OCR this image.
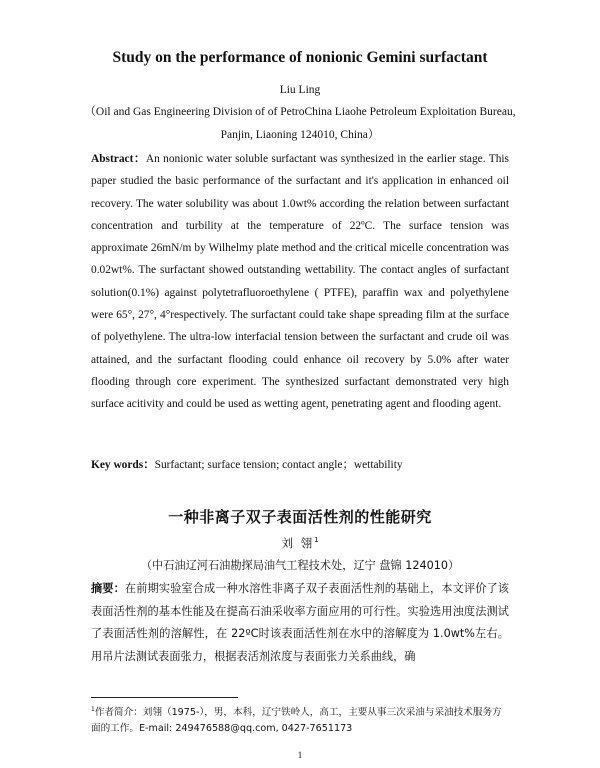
Study on the performance of nonionic Gemini surfactant
Liu Ling
（Oil and Gas Engineering Division of of PetroChina Liaohe Petroleum Exploitation Bureau, Panjin, Liaoning 124010, China）
Abstract：An nonionic water soluble surfactant was synthesized in the earlier stage. This paper studied the basic performance of the surfactant and it's application in enhanced oil recovery. The water solubility was about 1.0wt% according the relation between surfactant concentration and turbility at the temperature of 22ºC. The surface tension was approximate 26mN/m by Wilhelmy plate method and the critical micelle concentration was 0.02wt%. The surfactant showed outstanding wettability. The contact angles of surfactant solution(0.1%) against polytetrafluoroethylene ( PTFE), paraffin wax and polyethylene were 65°, 27°, 4°respectively. The surfactant could take shape spreading film at the surface of polyethylene. The ultra-low interfacial tension between the surfactant and crude oil was attained, and the surfactant flooding could enhance oil recovery by 5.0% after water flooding through core experiment. The synthesized surfactant demonstrated very high surface acitivity and could be used as wetting agent, penetrating agent and flooding agent.
Key words：Surfactant; surface tension; contact angle；wettability
一种非离子双子表面活性剂的性能研究
刘 翎$^1$
（中石油辽河石油勘探局油气工程技术处，辽宁 盘锦 124010）
摘要：在前期实验室合成一种水溶性非离子双子表面活性剂的基础上，本文评价了该表面活性剂的基本性能及在提高石油采收率方面应用的可行性。实验选用浊度法测试了表面活性剂的溶解性，在 22ºC时该表面活性剂在水中的溶解度为 1.0wt%左右。用吊片法测试表面张力，根据表活剂浓度与表面张力关系曲线，确
$^1$作者简介：刘翎（1975-），男，本科，辽宁铁岭人，高工，主要从事三次采油与采油技术服务方面的工作。E-mail: 249476588@qq.com, 0427-7651173
1
